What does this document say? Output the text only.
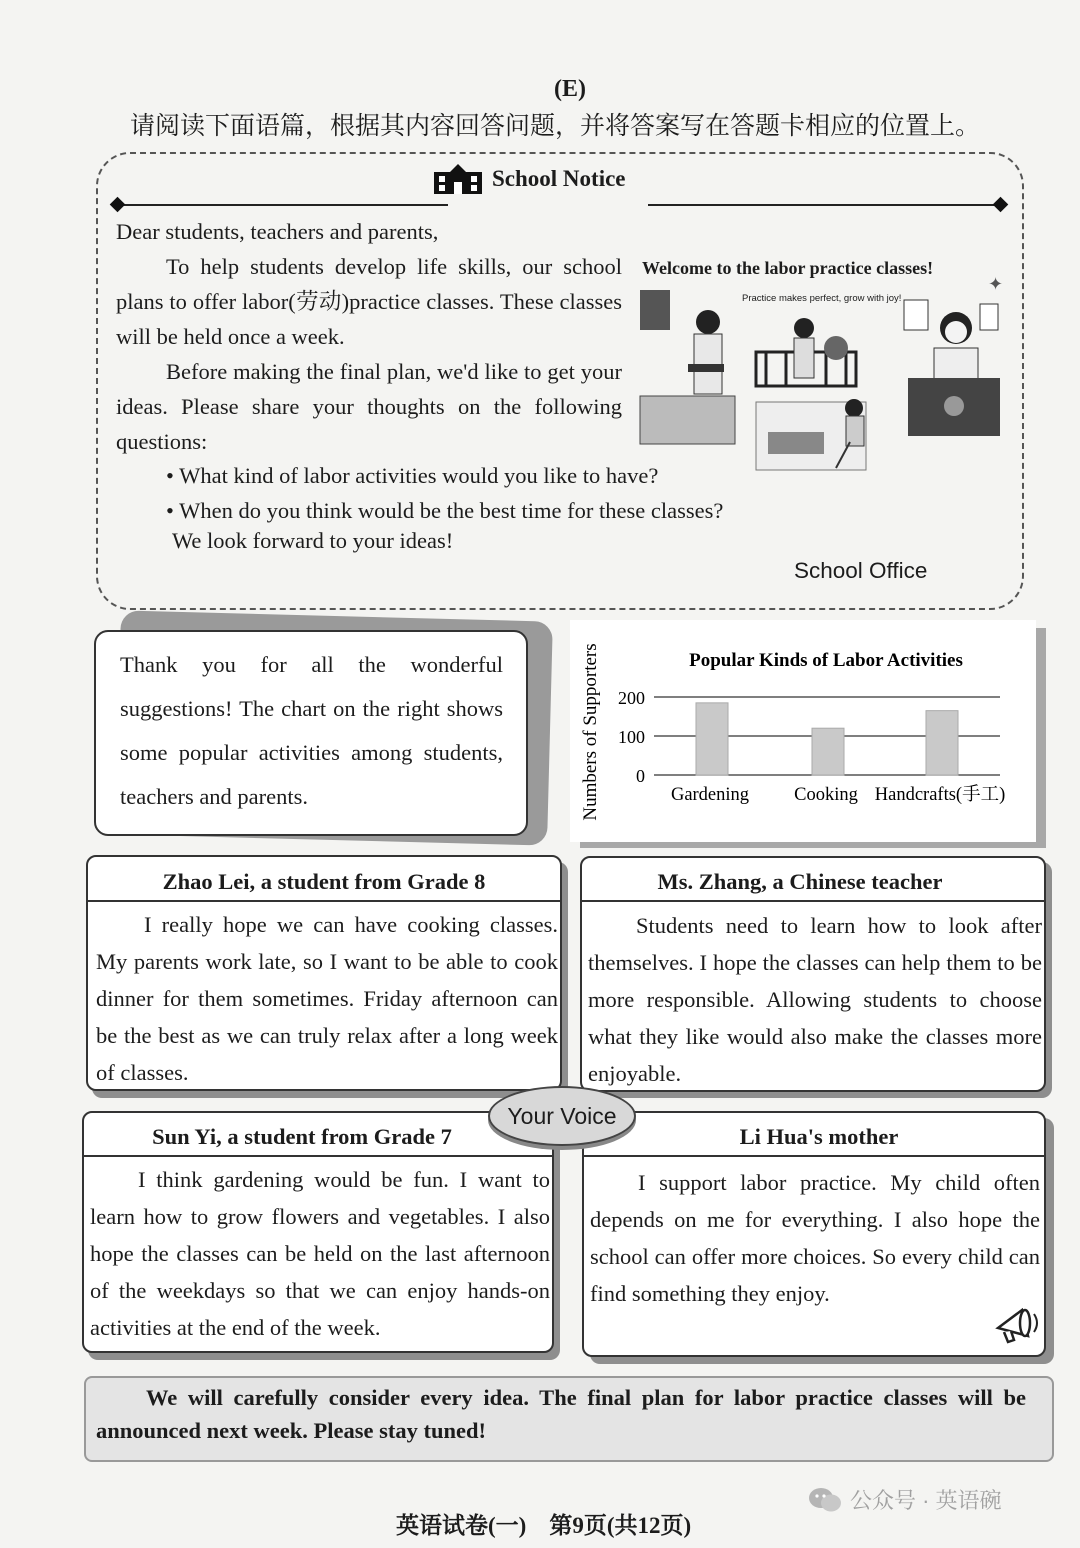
(E)
请阅读下面语篇，根据其内容回答问题，并将答案写在答题卡相应的位置上。
School Notice

Dear students, teachers and parents,

To help students develop life skills, our school plans to offer labor(劳动)practice classes. These classes will be held once a week.

Before making the final plan, we'd like to get your ideas. Please share your thoughts on the following questions:

• What kind of labor activities would you like to have?
• When do you think would be the best time for these classes?
We look forward to your ideas!
School Office
✦
Welcome to the labor practice classes!
Practice makes perfect, grow with joy!
Thank you for all the wonderful suggestions! The chart on the right shows some popular activities among students, teachers and parents.
Popular Kinds of Labor Activities
Numbers of Supporters 0
100
200
Gardening Cooking Handcrafts(手工)
Zhao Lei, a student from Grade 8

I really hope we can have cooking classes. My parents work late, so I want to be able to cook dinner for them sometimes. Friday afternoon can be the best as we can truly relax after a long week of classes.

Ms. Zhang, a Chinese teacher

Students need to learn how to look after themselves. I hope the classes can help them to be more responsible. Allowing students to choose what they like would also make the classes more enjoyable.

Sun Yi, a student from Grade 7

I think gardening would be fun. I want to learn how to grow flowers and vegetables. I also hope the classes can be held on the last afternoon of the weekdays so that we can enjoy hands-on activities at the end of the week.

Li Hua's mother

I support labor practice. My child often depends on me for everything. I also hope the school can offer more choices. So every child can find something they enjoy.

Your Voice

We will carefully consider every idea. The final plan for labor practice classes will be announced next week. Please stay tuned!

英语试卷(一)　第9页(共12页)
公众号 · 英语碗
